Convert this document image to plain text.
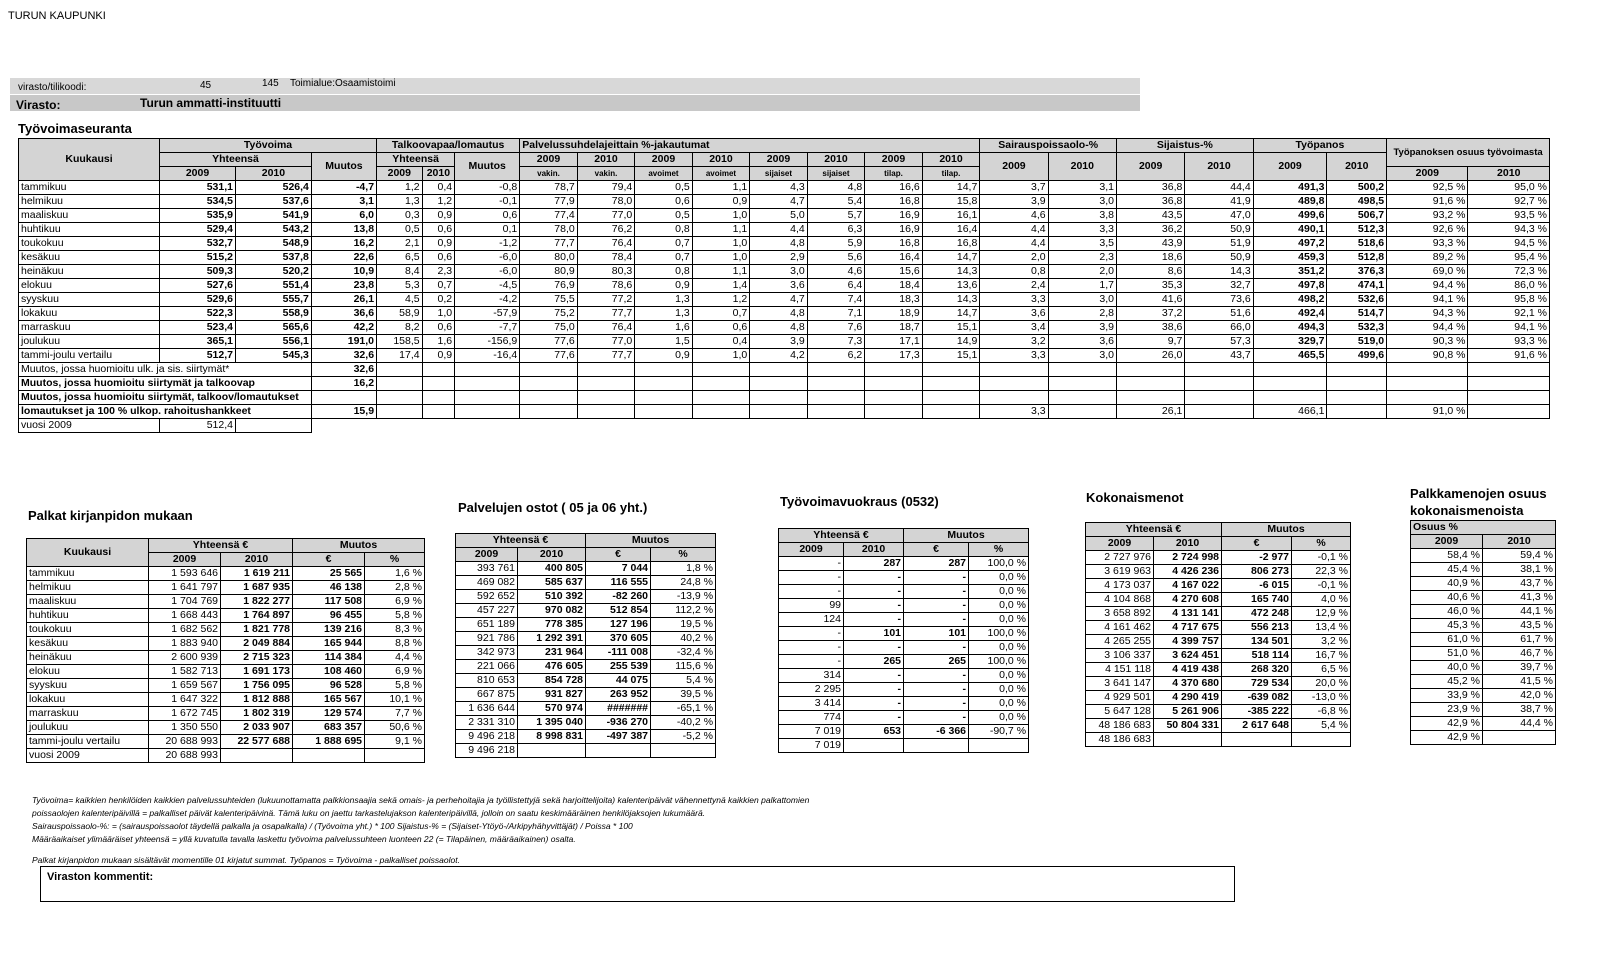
TURUN KAUPUNKI
virasto/tilikoodi:	45	145 Toimialue:Osaamistoimi
Virasto:	Turun ammatti-instituutti
Työvoimaseuranta
Kuukausi	Työvoima			Talkoovapaa/lomautus			Palvelussuhdelajeittain %-jakautumat								Sairauspoissaolo-%		Sijaistus-%		Työpanos		Työpanoksen osuus työvoimasta	
	Yhteensä		Muutos	Yhteensä		Muutos	2009	2010	2009	2010	2009	2010	2009	2010	2009	2010	2009	2010	2009	2010		
	2009	2010		2009	2010		vakin.	vakin.	avoimet	avoimet	sijaiset	sijaiset	tilap.	tilap.							2009	2010
tammikuu	531,1	526,4	-4,7	1,2	0,4	-0,8	78,7	79,4	0,5	1,1	4,3	4,8	16,6	14,7	3,7	3,1	36,8	44,4	491,3	500,2	92,5 %	95,0 %
helmikuu	534,5	537,6	3,1	1,3	1,2	-0,1	77,9	78,0	0,6	0,9	4,7	5,4	16,8	15,8	3,9	3,0	36,8	41,9	489,8	498,5	91,6 %	92,7 %
maaliskuu	535,9	541,9	6,0	0,3	0,9	0,6	77,4	77,0	0,5	1,0	5,0	5,7	16,9	16,1	4,6	3,8	43,5	47,0	499,6	506,7	93,2 %	93,5 %
huhtikuu	529,4	543,2	13,8	0,5	0,6	0,1	78,0	76,2	0,8	1,1	4,4	6,3	16,9	16,4	4,4	3,3	36,2	50,9	490,1	512,3	92,6 %	94,3 %
toukokuu	532,7	548,9	16,2	2,1	0,9	-1,2	77,7	76,4	0,7	1,0	4,8	5,9	16,8	16,8	4,4	3,5	43,9	51,9	497,2	518,6	93,3 %	94,5 %
kesäkuu	515,2	537,8	22,6	6,5	0,6	-6,0	80,0	78,4	0,7	1,0	2,9	5,6	16,4	14,7	2,0	2,3	18,6	50,9	459,3	512,8	89,2 %	95,4 %
heinäkuu	509,3	520,2	10,9	8,4	2,3	-6,0	80,9	80,3	0,8	1,1	3,0	4,6	15,6	14,3	0,8	2,0	8,6	14,3	351,2	376,3	69,0 %	72,3 %
elokuu	527,6	551,4	23,8	5,3	0,7	-4,5	76,9	78,6	0,9	1,4	3,6	6,4	18,4	13,6	2,4	1,7	35,3	32,7	497,8	474,1	94,4 %	86,0 %
syyskuu	529,6	555,7	26,1	4,5	0,2	-4,2	75,5	77,2	1,3	1,2	4,7	7,4	18,3	14,3	3,3	3,0	41,6	73,6	498,2	532,6	94,1 %	95,8 %
lokakuu	522,3	558,9	36,6	58,9	1,0	-57,9	75,2	77,7	1,3	0,7	4,8	7,1	18,9	14,7	3,6	2,8	37,2	51,6	492,4	514,7	94,3 %	92,1 %
marraskuu	523,4	565,6	42,2	8,2	0,6	-7,7	75,0	76,4	1,6	0,6	4,8	7,6	18,7	15,1	3,4	3,9	38,6	66,0	494,3	532,3	94,4 %	94,1 %
joulukuu	365,1	556,1	191,0	158,5	1,6	-156,9	77,6	77,0	1,5	0,4	3,9	7,3	17,1	14,9	3,2	3,6	9,7	57,3	329,7	519,0	90,3 %	93,3 %
tammi-joulu vertailu	512,7	545,3	32,6	17,4	0,9	-16,4	77,6	77,7	0,9	1,0	4,2	6,2	17,3	15,1	3,3	3,0	26,0	43,7	465,5	499,6	90,8 %	91,6 %
Muutos, jossa huomioitu ulk. ja sis. siirtymät*			32,6																			
Muutos, jossa huomioitu siirtymät ja talkoovap			16,2																			
Muutos, jossa huomioitu siirtymät, talkoov/lomautukset																						
lomautukset ja 100 % ulkop. rahoitushankkeet			15,9												3,3		26,1		466,1		91,0 %	
vuosi 2009	512,4																					
Palkat kirjanpidon mukaan
Kuukausi	Yhteensä €		Muutos	
	2009	2010	€	%
tammikuu	1 593 646	1 619 211	25 565	1,6 %
helmikuu	1 641 797	1 687 935	46 138	2,8 %
maaliskuu	1 704 769	1 822 277	117 508	6,9 %
huhtikuu	1 668 443	1 764 897	96 455	5,8 %
toukokuu	1 682 562	1 821 778	139 216	8,3 %
kesäkuu	1 883 940	2 049 884	165 944	8,8 %
heinäkuu	2 600 939	2 715 323	114 384	4,4 %
elokuu	1 582 713	1 691 173	108 460	6,9 %
syyskuu	1 659 567	1 756 095	96 528	5,8 %
lokakuu	1 647 322	1 812 888	165 567	10,1 %
marraskuu	1 672 745	1 802 319	129 574	7,7 %
joulukuu	1 350 550	2 033 907	683 357	50,6 %
tammi-joulu vertailu	20 688 993	22 577 688	1 888 695	9,1 %
vuosi 2009	20 688 993			
Palvelujen ostot ( 05 ja 06 yht.)
Yhteensä €		Muutos	
2009	2010	€	%
393 761	400 805	7 044	1,8 %
469 082	585 637	116 555	24,8 %
592 652	510 392	-82 260	-13,9 %
457 227	970 082	512 854	112,2 %
651 189	778 385	127 196	19,5 %
921 786	1 292 391	370 605	40,2 %
342 973	231 964	-111 008	-32,4 %
221 066	476 605	255 539	115,6 %
810 653	854 728	44 075	5,4 %
667 875	931 827	263 952	39,5 %
1 636 644	570 974	#######	-65,1 %
2 331 310	1 395 040	-936 270	-40,2 %
9 496 218	8 998 831	-497 387	-5,2 %
9 496 218			
Työvoimavuokraus (0532)
Yhteensä €		Muutos	
2009	2010	€	%
-	287	287	100,0 %
-	-	-	0,0 %
-	-	-	0,0 %
99	-	-	0,0 %
124	-	-	0,0 %
-	101	101	100,0 %
-	-	-	0,0 %
-	265	265	100,0 %
314	-	-	0,0 %
2 295	-	-	0,0 %
3 414	-	-	0,0 %
774	-	-	0,0 %
7 019	653	-6 366	-90,7 %
7 019			
Kokonaismenot
Yhteensä €		Muutos	
2009	2010	€	%
2 727 976	2 724 998	-2 977	-0,1 %
3 619 963	4 426 236	806 273	22,3 %
4 173 037	4 167 022	-6 015	-0,1 %
4 104 868	4 270 608	165 740	4,0 %
3 658 892	4 131 141	472 248	12,9 %
4 161 462	4 717 675	556 213	13,4 %
4 265 255	4 399 757	134 501	3,2 %
3 106 337	3 624 451	518 114	16,7 %
4 151 118	4 419 438	268 320	6,5 %
3 641 147	4 370 680	729 534	20,0 %
4 929 501	4 290 419	-639 082	-13,0 %
5 647 128	5 261 906	-385 222	-6,8 %
48 186 683	50 804 331	2 617 648	5,4 %
48 186 683			
Palkkamenojen osuus
kokonaismenoista
Osuus %	
2009	2010
58,4 %	59,4 %
45,4 %	38,1 %
40,9 %	43,7 %
40,6 %	41,3 %
46,0 %	44,1 %
45,3 %	43,5 %
61,0 %	61,7 %
51,0 %	46,7 %
40,0 %	39,7 %
45,2 %	41,5 %
33,9 %	42,0 %
23,9 %	38,7 %
42,9 %	44,4 %
42,9 %	
Työvoima= kaikkien henkilöiden kaikkien palvelussuhteiden (lukuunottamatta palkkionsaajia sekä omais- ja perhehoitajia ja työllistettyjä sekä harjoittelijoita) kalenteripäivät vähennettynä kaikkien palkattomien
poissaolojen kalenteripäivillä = palkalliset päivät kalenteripäivinä. Tämä luku on jaettu tarkastelujakson kalenteripäivillä, jolloin on saatu keskimääräinen henkilöjaksojen lukumäärä.
Sairauspoissaolo-%: = (sairauspoissaolot täydellä palkalla ja osapalkalla) / (Työvoima yht.) * 100 Sijaistus-% = (Sijaiset-Ytöyö-/Arkipyhähyvittäjät) / Poissa * 100
Määräaikaiset ylimääräiset yhteensä = yllä kuvatulla tavalla laskettu työvoima palvelussuhteen luonteen 22 (= Tilapäinen, määräaikainen) osalta.
Palkat kirjanpidon mukaan sisältävät momentille 01 kirjatut summat. Työpanos = Työvoima - palkalliset poissaolot.
Viraston kommentit:
